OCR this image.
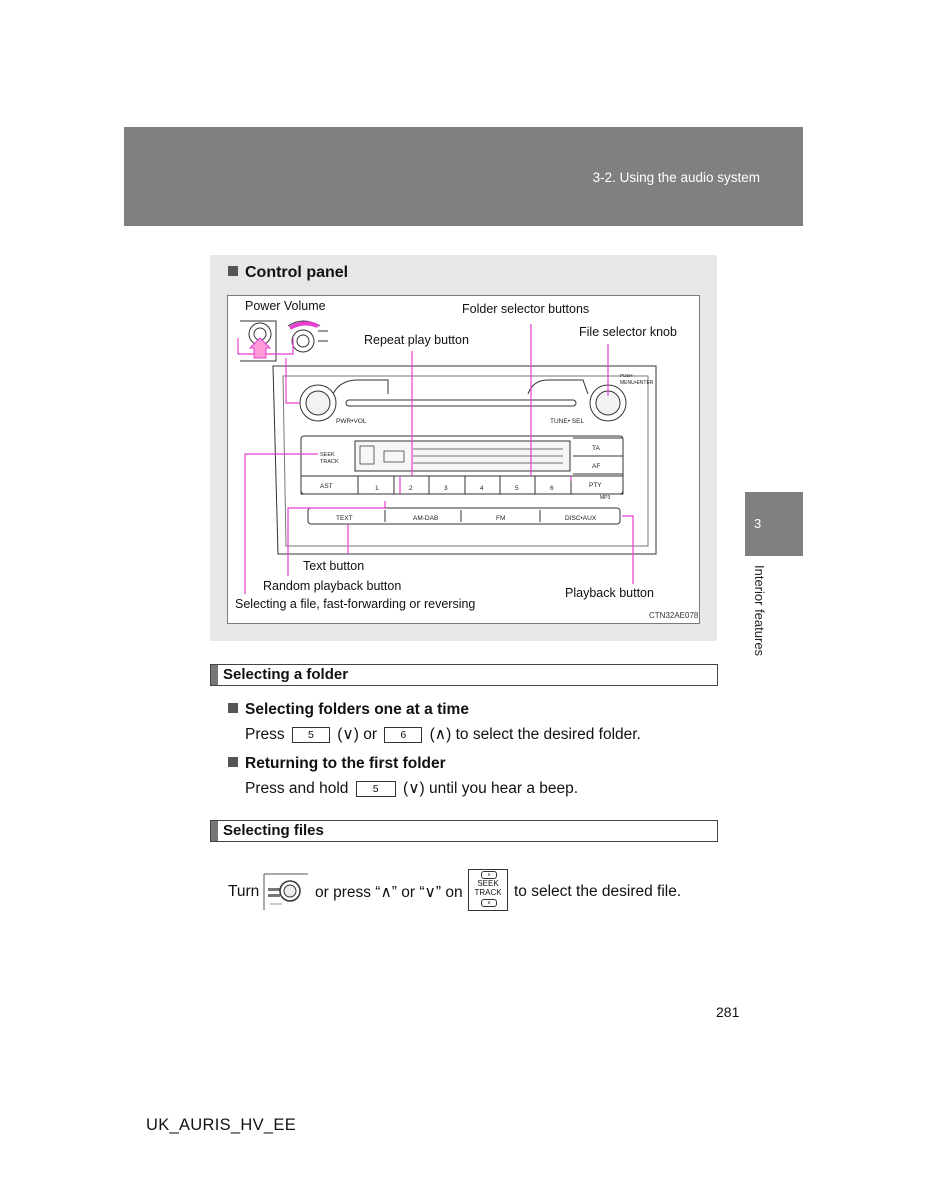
3-2. Using the audio system
3
Interior features
Control panel
Power Volume	Folder selector buttons
File selector knob
Repeat play button
Text button
Random playback button
Selecting a file, fast-forwarding or reversing
Playback button
CTN32AE078
PWR•VOL	TUNE• SEL
PUSH
MENU•ENTER
SEEK
TRACK
AST
TA
AF
PTY
1	2	3	4	5	6
TEXT	AM-DAB	FM	DISC•AUX
MP3
Selecting a folder
Selecting folders one at a time
Press 5 (∨) or 6 (∧) to select the desired folder.
Returning to the first folder
Press and hold 5 (∨) until you hear a beep.
Selecting files
Turn	or press “∧” or “∨” on
∧
SEEK
TRACK
∨
to select the desired file.
281
UK_AURIS_HV_EE
